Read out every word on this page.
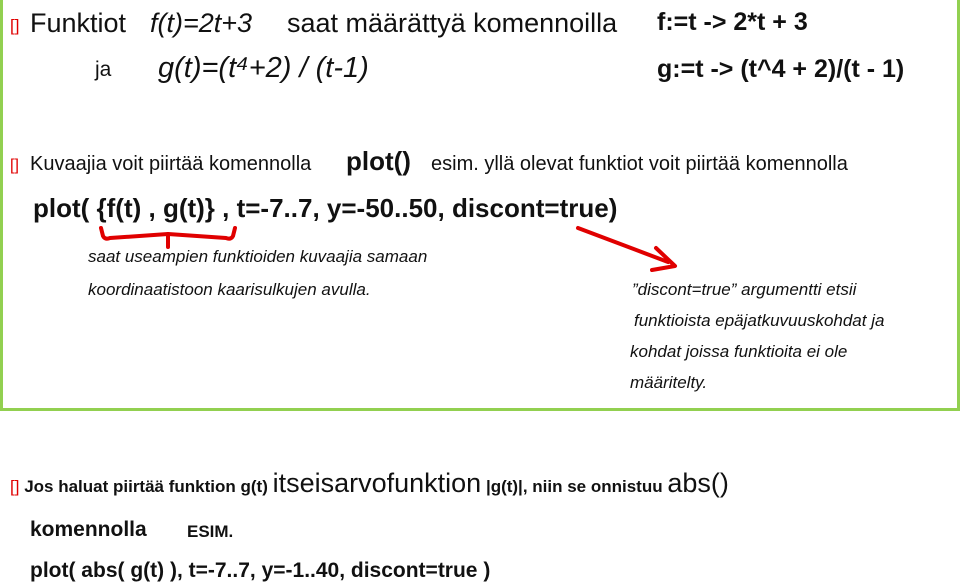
[] Funktiot f(t)=2t+3 saat määrättyä komennoilla f:=t -> 2*t + 3
ja g(t)=(t⁴+2) / (t-1)	g:=t -> (t^4 + 2)/(t - 1)
[] Kuvaajia voit piirtää komennolla plot() esim. yllä olevat funktiot voit piirtää komennolla
plot( {f(t) , g(t)} , t=-7..7, y=-50..50, discont=true)
saat useampien funktioiden kuvaajia samaan
koordinaatistoon kaarisulkujen avulla.	”discont=true” argumentti etsii
funktioista epäjatkuvuuskohdat ja
kohdat joissa funktioita ei ole
määritelty.
[] Jos haluat piirtää funktion g(t) itseisarvofunktion |g(t)|, niin se onnistuu abs()
komennolla ESIM.
plot( abs( g(t) ), t=-7..7, y=-1..40, discont=true )
